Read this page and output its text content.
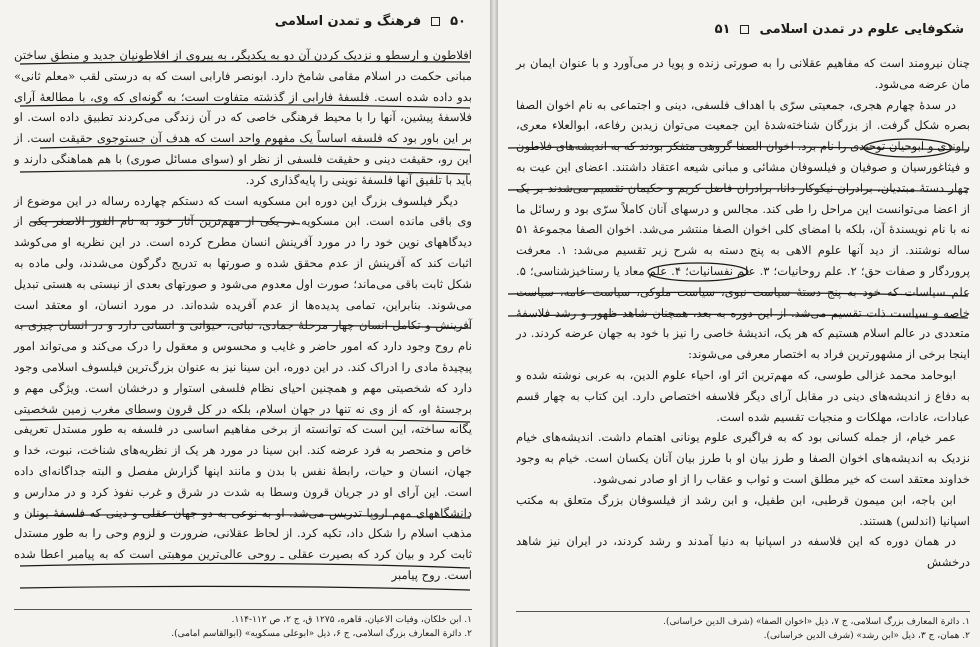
۵۰
فرهنگ و تمدن اسلامی

افلاطون و ارسطو و نزدیک کردن آن دو به یکدیگر، به پیروی از افلاطونیان جدید و منطق ساختن مبانی حکمت در اسلام مقامی شامخ دارد. ابونصر فارابی است که به درستی لقب «معلم ثانی» بدو داده شده است. فلسفهٔ فارابی از گذشته متفاوت است؛ به گونه‌ای که وی، با مطالعهٔ آرای فلاسفهٔ پیشین، آنها را با محیط فرهنگی خاصی که در آن زندگی می‌کردند تطبیق داده است. او بر این باور بود که فلسفه اساساً یک مفهوم واحد است که هدف آن جستوجوی حقیقت است. از این رو، حقیقت دینی و حقیقت فلسفی از نظر او (سوای مسائل صوری) با هم هماهنگی دارند و باید با تلفیق آنها فلسفهٔ نوینی را پایه‌گذاری کرد.

دیگر فیلسوف بزرگ این دوره ابن مسکویه است که دستکم چهارده رساله در این موضوع از وی باقی مانده است. ابن مسکویه در یکی از مهم‌ترین آثار خود به نام الفوز الاصغر یکی از دیدگاههای نوین خود را در مورد آفرینش انسان مطرح کرده است. در این نظریه او می‌کوشد اثبات کند که آفرینش از عدم محقق شده و صورتها به تدریج دگرگون می‌شدند، ولی ماده به شکل ثابت باقی می‌ماند؛ صورت اول معدوم می‌شود و صورتهای بعدی از نیستی به هستی تبدیل می‌شوند. بنابراین، تمامی پدیده‌ها از عدم آفریده شده‌اند. در مورد انسان، او معتقد است آفرینش و تکامل انسان چهار مرحلهٔ جمادی، نباتی، حیوانی و انسانی دارد و در انسان چیزی به نام روح وجود دارد که امور حاضر و غایب و محسوس و معقول را درک می‌کند و می‌تواند امور پیچیدهٔ مادی را ادراک کند. در این دوره، ابن سینا نیز به عنوان بزرگ‌ترین فیلسوف اسلامی وجود دارد که شخصیتی مهم و همچنین احیای نظام فلسفی استوار و درخشان است. ویژگی مهم و برجستهٔ او، که از وی نه تنها در جهان اسلام، بلکه در کل قرون وسطای مغرب زمین شخصیتی یگانه ساخته، این است که توانسته از برخی مفاهیم اساسی در فلسفه به طور مستدل تعریفی خاص و منحصر به فرد عرضه کند. ابن سینا در مورد هر یک از نظریه‌های شناخت، نبوت، خدا و جهان، انسان و حیات، رابطهٔ نفس با بدن و مانند اینها گزارش مفصل و البته جداگانه‌ای داده است. این آرای او در جریان قرون وسطا به شدت در شرق و غرب نفوذ کرد و در مدارس و دانشگاههای مهم اروپا تدریس می‌شد. او به نوعی به دو جهان عقلی و دینی که فلسفهٔ یونان و مذهب اسلام را شکل داد، تکیه کرد. از لحاظ عقلانی، ضرورت و لزوم وحی را به طور مستدل ثابت کرد و بیان کرد که بصیرت عقلی ـ روحی عالی‌ترین موهبتی است که به پیامبر اعطا شده است. روح پیامبر

۱. ابن خلکان، وفیات الاعیان، قاهره، ۱۲۷۵ ق، ج ۲، ص ۱۱۲-۱۱۴.

۲. دائرة المعارف بزرگ اسلامی، ج ۶، ذیل «ابوعلی مسکویه» (ابوالقاسم امامی).

شکوفایی علوم در تمدن اسلامی
۵۱

چنان نیرومند است که مفاهیم عقلانی را به صورتی زنده و پویا در می‌آورد و با عنوان ایمان بر مان عرضه می‌شود.

در سدهٔ چهارم هجری، جمعیتی سرّی با اهداف فلسفی، دینی و اجتماعی به نام اخوان الصفا بصره شکل گرفت. از بزرگان شناخته‌شدهٔ این جمعیت می‌توان زیدبن رفاعه، ابوالعلاء معری، راوندی و ابوحیان توحیدی را نام برد. اخوان الصفا گروهی متفکر بودند که به اندیشه‌های فلاطون و فیثاغورسیان و صوفیان و فیلسوفان مشائی و مبانی شیعه اعتقاد داشتند. اعضای این عیت به چهار دستهٔ مبتدیان، برادران نیکوکار دانا، برادران فاضل کریم و حکیمان تقسیم می‌شدند بر یک از اعضا می‌توانست این مراحل را طی کند. مجالس و درسهای آنان کاملاً سرّی بود و رسائل ما نه با نام نویسندهٔ آن، بلکه با امضای کلی اخوان الصفا منتشر می‌شد. اخوان الصفا مجموعهٔ ۵۱ ساله نوشتند. از دید آنها علوم الاهی به پنج دسته به شرح زیر تقسیم می‌شد: ۱. معرفت پروردگار و صفات حق؛ ۲. علم روحانیات؛ ۳. علم نفسانیات؛ ۴. علم معاد یا رستاخیزشناسی؛ ۵. علم سیاسات که خود به پنج دستهٔ سیاست نبوی، سیاست ملوکی، سیاست عامه، سیاست خاصه و سیاست ذات تقسیم می‌شد. از این دوره به بعد، همچنان شاهد ظهور و رشد فلاسفهٔ متعددی در عالم اسلام هستیم که هر یک، اندیشهٔ خاصی را نیز با خود به جهان عرضه کردند. در اینجا برخی از مشهورترین فراد به اختصار معرفی می‌شوند:

ابوحامد محمد غزالی طوسی، که مهم‌ترین اثر او، احیاء علوم الدین، به عربی نوشته شده و به دفاع ز اندیشه‌های دینی در مقابل آرای دیگر فلاسفه اختصاص دارد. این کتاب به چهار قسم عبادات، عادات، مهلکات و منجیات تقسیم شده است.

عمر خیام، از جمله کسانی بود که به فراگیری علوم یونانی اهتمام داشت. اندیشه‌های خیام نزدیک به اندیشه‌های اخوان الصفا و طرز بیان او با طرز بیان آنان یکسان است. خیام به وجود خداوند معتقد است که خیر مطلق است و ثواب و عقاب را از او صادر نمی‌شود.

ابن باجه، ابن میمون قرطبی، ابن طفیل، و ابن رشد از فیلسوفان بزرگ متعلق به مکتب اسپانیا (اندلس) هستند.

در همان دوره که این فلاسفه در اسپانیا به دنیا آمدند و رشد کردند، در ایران نیز شاهد درخشش

۱. دائرة المعارف بزرگ اسلامی، ج ۷، ذیل «اخوان الصفا» (شرف الدین خراسانی).

۲. همان، ج ۳، ذیل «ابن رشد» (شرف الدین خراسانی).
